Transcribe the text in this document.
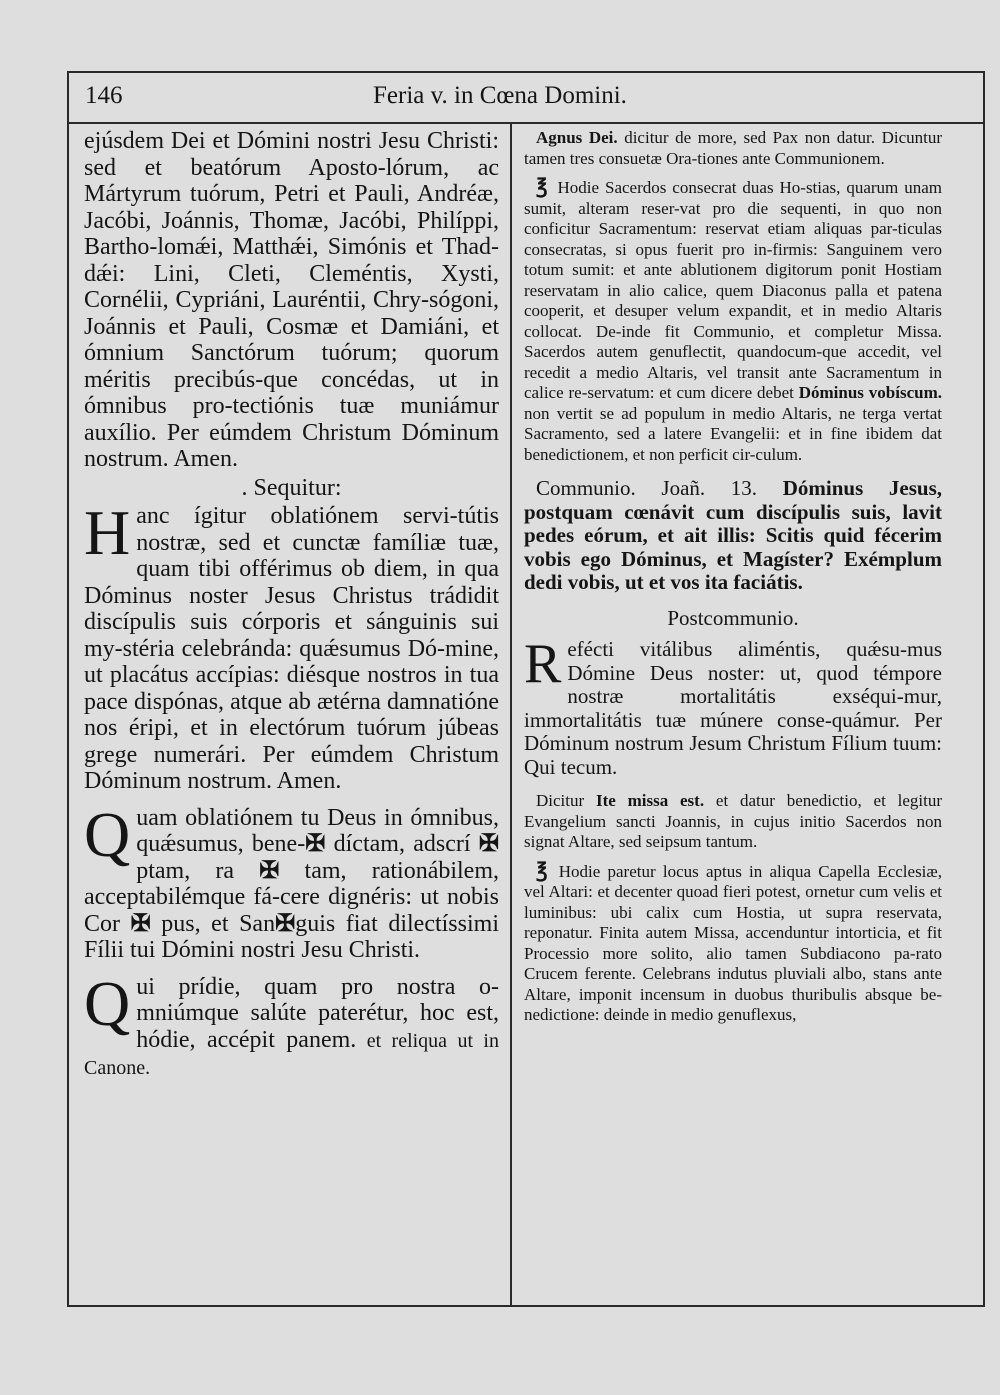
146	Feria v. in Cœna Domini.

ejúsdem Dei et Dómini nostri Jesu Christi: sed et beatórum Aposto-lórum, ac Mártyrum tuórum, Petri et Pauli, Andréæ, Jacóbi, Joánnis, Thomæ, Jacóbi, Philíppi, Bartho-lomǽi, Matthǽi, Simónis et Thad-dǽi: Lini, Cleti, Cleméntis, Xysti, Cornélii, Cypriáni, Lauréntii, Chry-sógoni, Joánnis et Pauli, Cosmæ et Damiáni, et ómnium Sanctórum tuórum; quorum méritis precibús-que concédas, ut in ómnibus pro-tectiónis tuæ muniámur auxílio. Per eúmdem Christum Dóminum nostrum. Amen.

. Sequitur:

Hanc ígitur oblatiónem servi-tútis nostræ, sed et cunctæ famíliæ tuæ, quam tibi offérimus ob diem, in qua Dóminus noster Jesus Christus trádidit discípulis suis córporis et sánguinis sui my-stéria celebránda: quǽsumus Dó-mine, ut placátus accípias: diésque nostros in tua pace dispónas, atque ab ætérna damnatióne nos éripi, et in electórum tuórum júbeas grege numerári. Per eúmdem Christum Dóminum nostrum. Amen.

Quam oblatiónem tu Deus in ómnibus, quǽsumus, bene-✠ díctam, adscrí ✠ ptam, ra ✠ tam, rationábilem, acceptabilémque fá-cere dignéris: ut nobis Cor ✠ pus, et San✠guis fiat dilectíssimi Fílii tui Dómini nostri Jesu Christi.

Qui prídie, quam pro nostra o-mniúmque salúte paterétur, hoc est, hódie, accépit panem. et reliqua ut in Canone.

Agnus Dei. dicitur de more, sed Pax non datur. Dicuntur tamen tres consuetæ Ora-tiones ante Communionem.

℥ Hodie Sacerdos consecrat duas Ho-stias, quarum unam sumit, alteram reser-vat pro die sequenti, in quo non conficitur Sacramentum: reservat etiam aliquas par-ticulas consecratas, si opus fuerit pro in-firmis: Sanguinem vero totum sumit: et ante ablutionem digitorum ponit Hostiam reservatam in alio calice, quem Diaconus palla et patena cooperit, et desuper velum expandit, et in medio Altaris collocat. De-inde fit Communio, et completur Missa. Sacerdos autem genuflectit, quandocum-que accedit, vel recedit a medio Altaris, vel transit ante Sacramentum in calice re-servatum: et cum dicere debet Dóminus vobíscum. non vertit se ad populum in medio Altaris, ne terga vertat Sacramento, sed a latere Evangelii: et in fine ibidem dat benedictionem, et non perficit cir-culum.

Communio. Joañ. 13. Dóminus Jesus, postquam cœnávit cum discípulis suis, lavit pedes eórum, et ait illis: Scitis quid fécerim vobis ego Dóminus, et Magíster? Exémplum dedi vobis, ut et vos ita faciátis.

Postcommunio.

Refécti vitálibus aliméntis, quǽsu-mus Dómine Deus noster: ut, quod témpore nostræ mortalitátis exséqui-mur, immortalitátis tuæ múnere conse-quámur. Per Dóminum nostrum Jesum Christum Fílium tuum: Qui tecum.

Dicitur Ite missa est. et datur benedictio, et legitur Evangelium sancti Joannis, in cujus initio Sacerdos non signat Altare, sed seipsum tantum.

℥ Hodie paretur locus aptus in aliqua Capella Ecclesiæ, vel Altari: et decenter quoad fieri potest, ornetur cum velis et luminibus: ubi calix cum Hostia, ut supra reservata, reponatur. Finita autem Missa, accenduntur intorticia, et fit Processio more solito, alio tamen Subdiacono pa-rato Crucem ferente. Celebrans indutus pluviali albo, stans ante Altare, imponit incensum in duobus thuribulis absque be-nedictione: deinde in medio genuflexus,
